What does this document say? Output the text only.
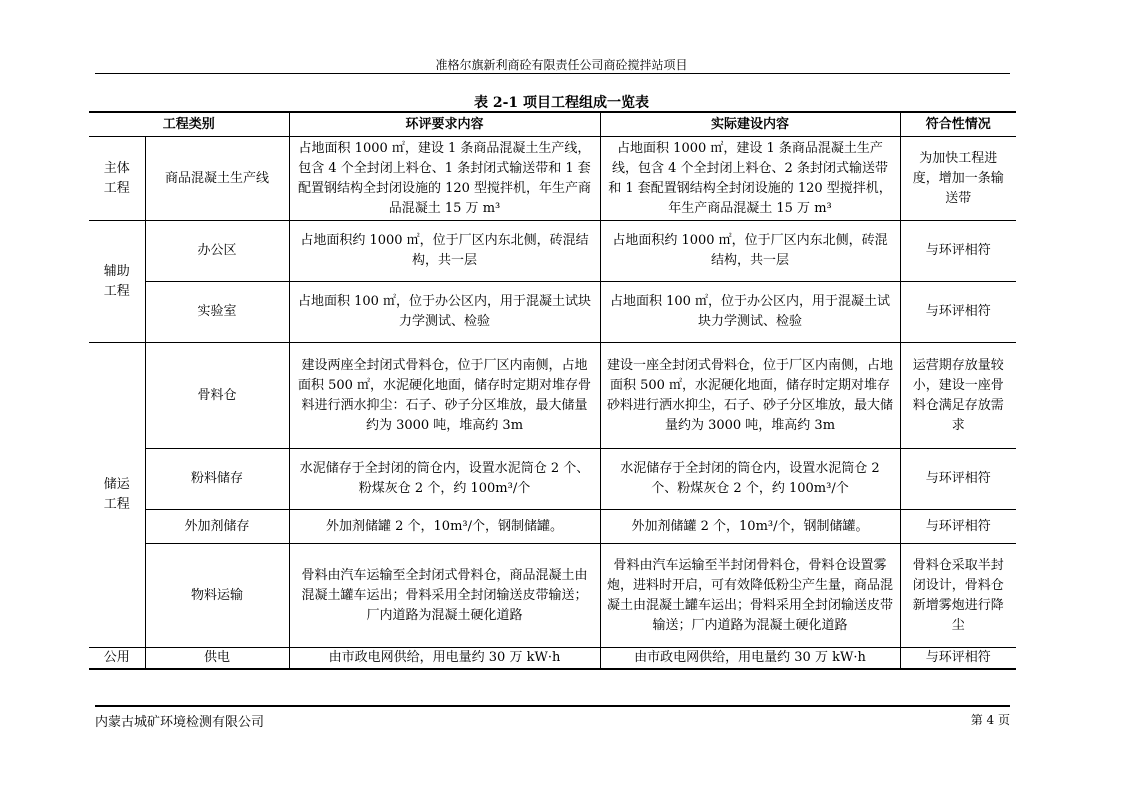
准格尔旗新利商砼有限责任公司商砼搅拌站项目
表 2-1 项目工程组成一览表
工程类别		环评要求内容	实际建设内容	符合性情况
主体工程	商品混凝土生产线	占地面积 1000 ㎡，建设 1 条商品混凝土生产线，包含 4 个全封闭上料仓、1 条封闭式输送带和 1 套配置钢结构全封闭设施的 120 型搅拌机，年生产商品混凝土 15 万 m³	占地面积 1000 ㎡，建设 1 条商品混凝土生产线，包含 4 个全封闭上料仓、2 条封闭式输送带和 1 套配置钢结构全封闭设施的 120 型搅拌机，年生产商品混凝土 15 万 m³	为加快工程进度，增加一条输送带
辅助工程	办公区	占地面积约 1000 ㎡，位于厂区内东北侧，砖混结构，共一层	占地面积约 1000 ㎡，位于厂区内东北侧，砖混结构，共一层	与环评相符
	实验室	占地面积 100 ㎡，位于办公区内，用于混凝土试块力学测试、检验	占地面积 100 ㎡，位于办公区内，用于混凝土试块力学测试、检验	与环评相符
储运工程	骨料仓	建设两座全封闭式骨料仓，位于厂区内南侧，占地面积 500 ㎡，水泥硬化地面，储存时定期对堆存骨料进行洒水抑尘：石子、砂子分区堆放，最大储量约为 3000 吨，堆高约 3m	建设一座全封闭式骨料仓，位于厂区内南侧，占地面积 500 ㎡，水泥硬化地面，储存时定期对堆存砂料进行洒水抑尘，石子、砂子分区堆放，最大储量约为 3000 吨，堆高约 3m	运营期存放量较小，建设一座骨料仓满足存放需求
	粉料储存	水泥储存于全封闭的筒仓内，设置水泥筒仓 2 个、粉煤灰仓 2 个，约 100m³/个	水泥储存于全封闭的筒仓内，设置水泥筒仓 2 个、粉煤灰仓 2 个，约 100m³/个	与环评相符
	外加剂储存	外加剂储罐 2 个，10m³/个，钢制储罐。	外加剂储罐 2 个，10m³/个，钢制储罐。	与环评相符
	物料运输	骨料由汽车运输至全封闭式骨料仓，商品混凝土由混凝土罐车运出；骨料采用全封闭输送皮带输送；厂内道路为混凝土硬化道路	骨料由汽车运输至半封闭骨料仓，骨料仓设置雾炮，进料时开启，可有效降低粉尘产生量，商品混凝土由混凝土罐车运出；骨料采用全封闭输送皮带输送；厂内道路为混凝土硬化道路	骨料仓采取半封闭设计，骨料仓新增雾炮进行降尘
公用	供电	由市政电网供给，用电量约 30 万 kW·h	由市政电网供给，用电量约 30 万 kW·h	与环评相符
内蒙古城矿环境检测有限公司	第 4 页
